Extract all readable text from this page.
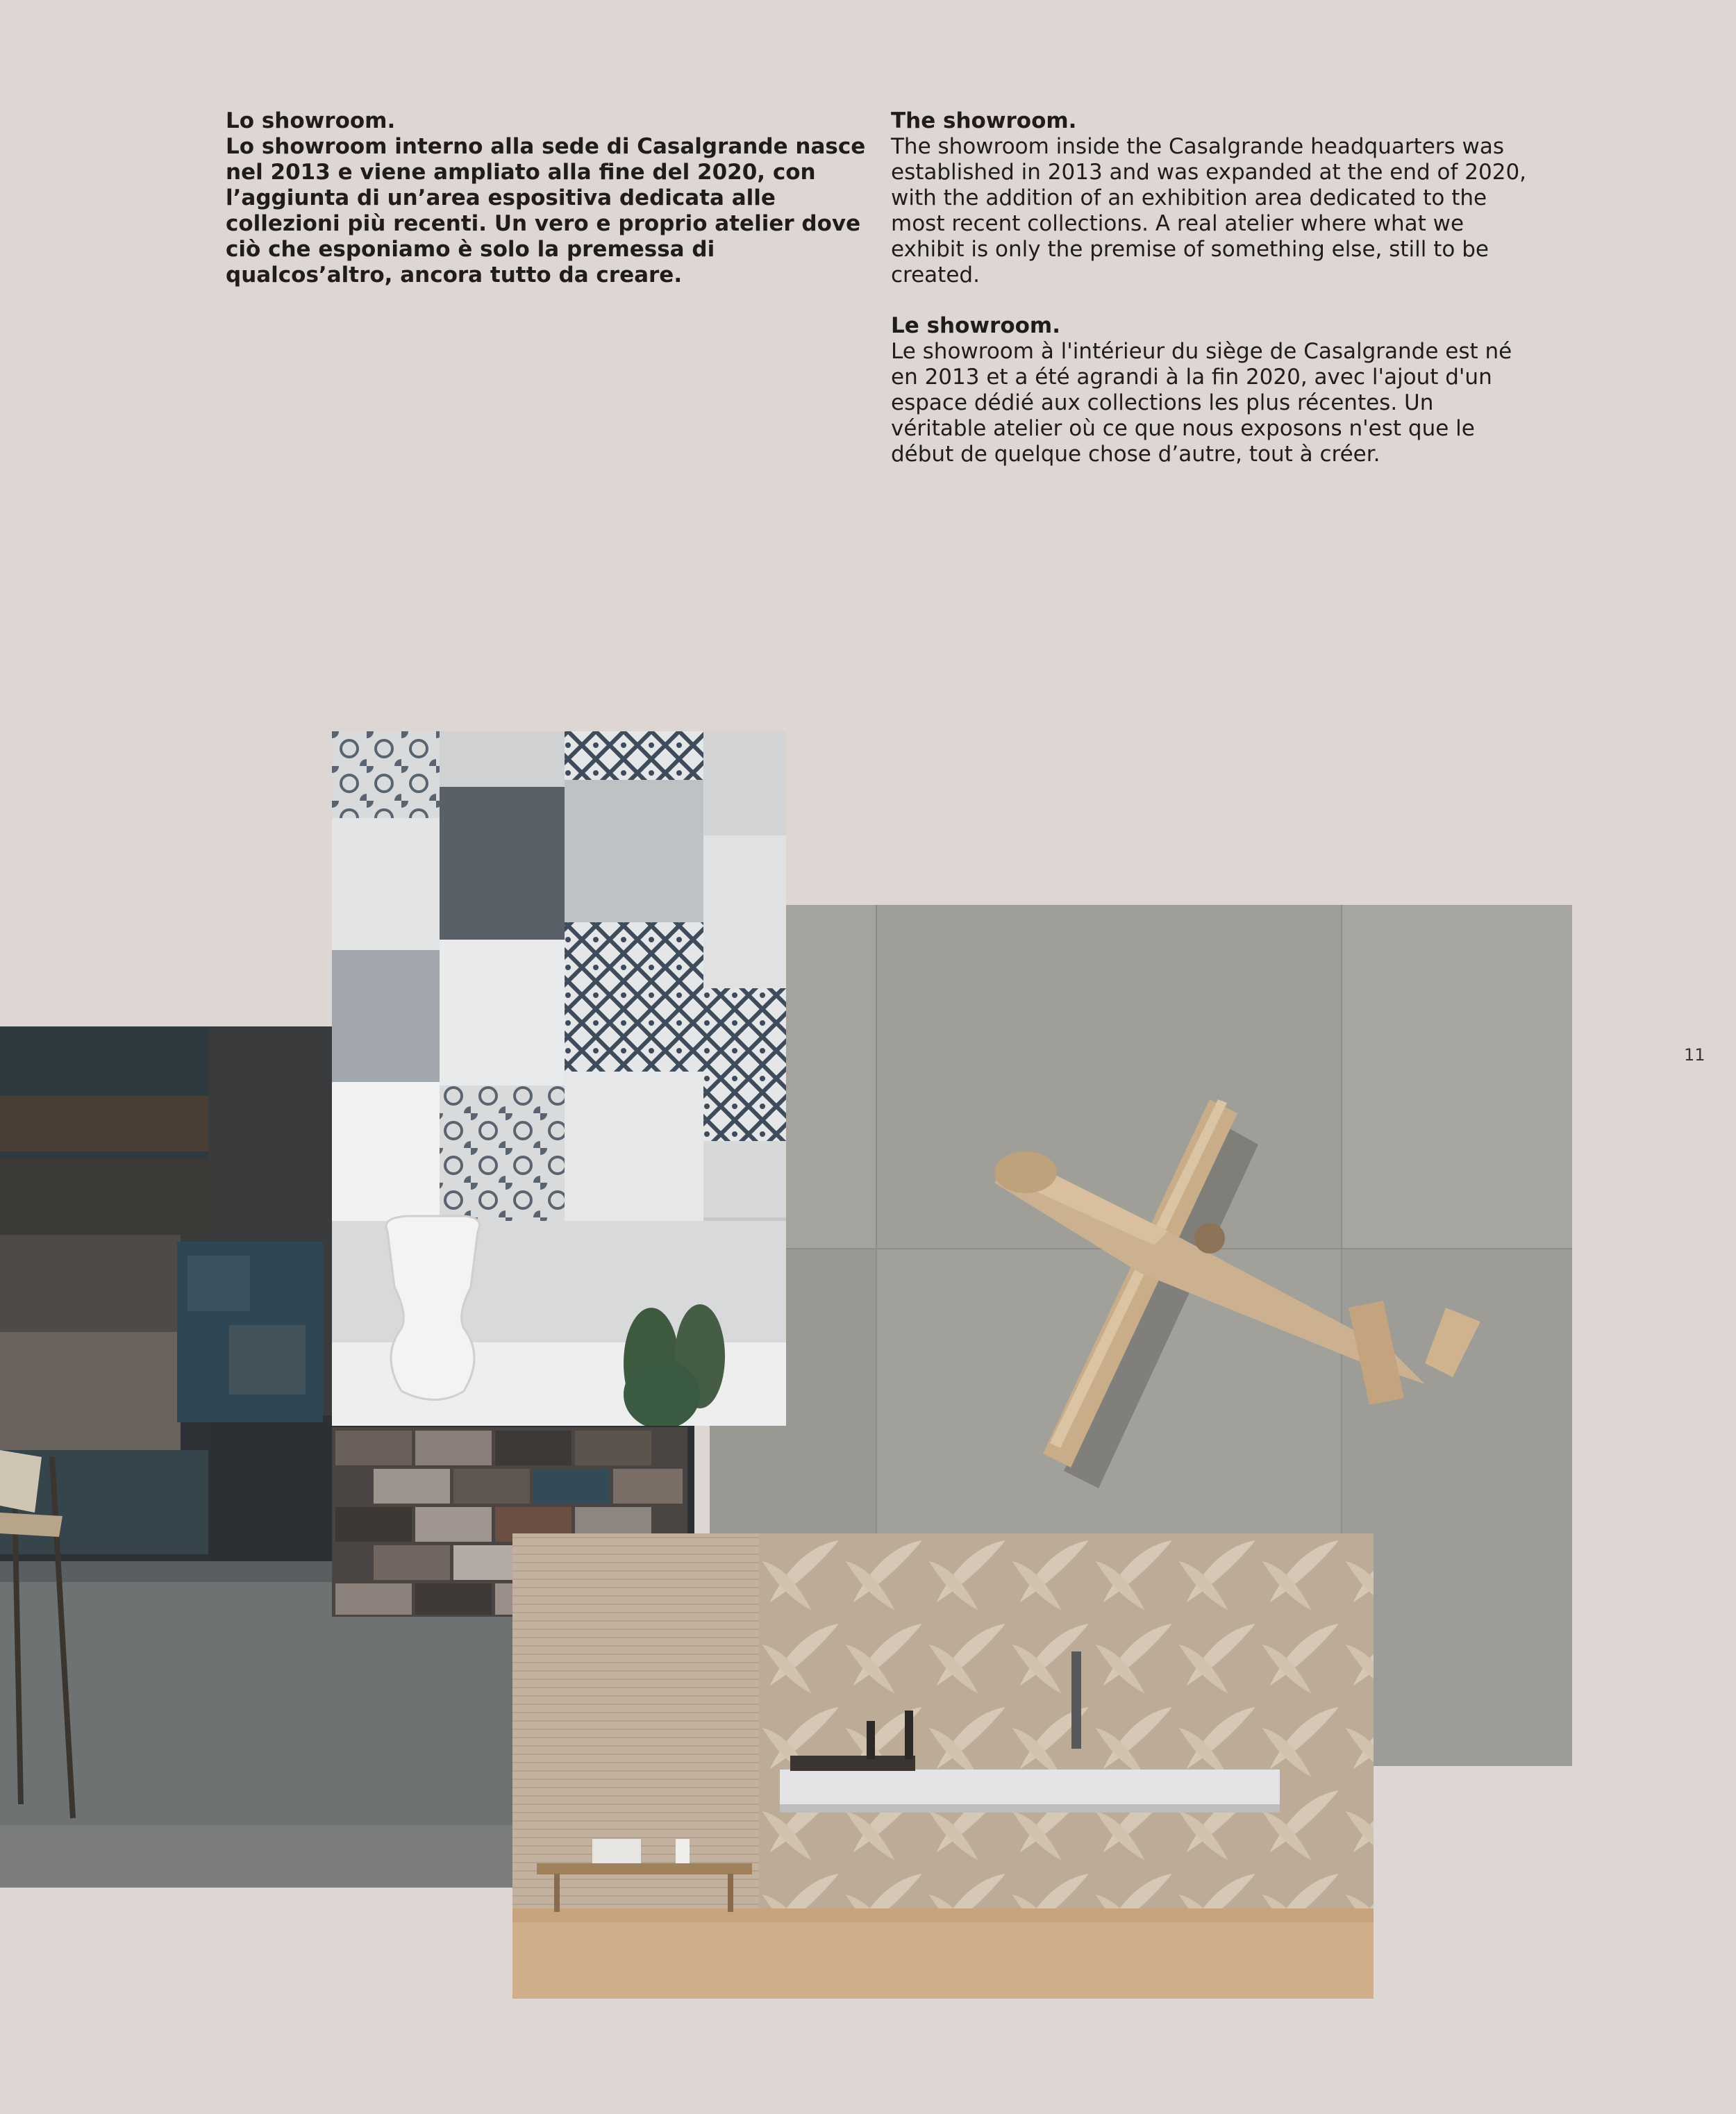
Lo showroom.

Lo showroom interno alla sede di Casalgrande nasce nel 2013 e viene ampliato alla fine del 2020, con l’aggiunta di un’area espositiva dedicata alle collezioni più recenti. Un vero e proprio atelier dove ciò che esponiamo è solo la premessa di qualcos’altro, ancora tutto da creare.

The showroom.

The showroom inside the Casalgrande headquarters was established in 2013 and was expanded at the end of 2020, with the addition of an exhibition area dedicated to the most recent collections. A real atelier where what we exhibit is only the premise of something else, still to be created.

Le showroom.

Le showroom à l'intérieur du siège de Casalgrande est né en 2013 et a été agrandi à la fin 2020, avec l'ajout d'un espace dédié aux collections les plus récentes. Un véritable atelier où ce que nous exposons n'est que le début de quelque chose d’autre, tout à créer.

11
